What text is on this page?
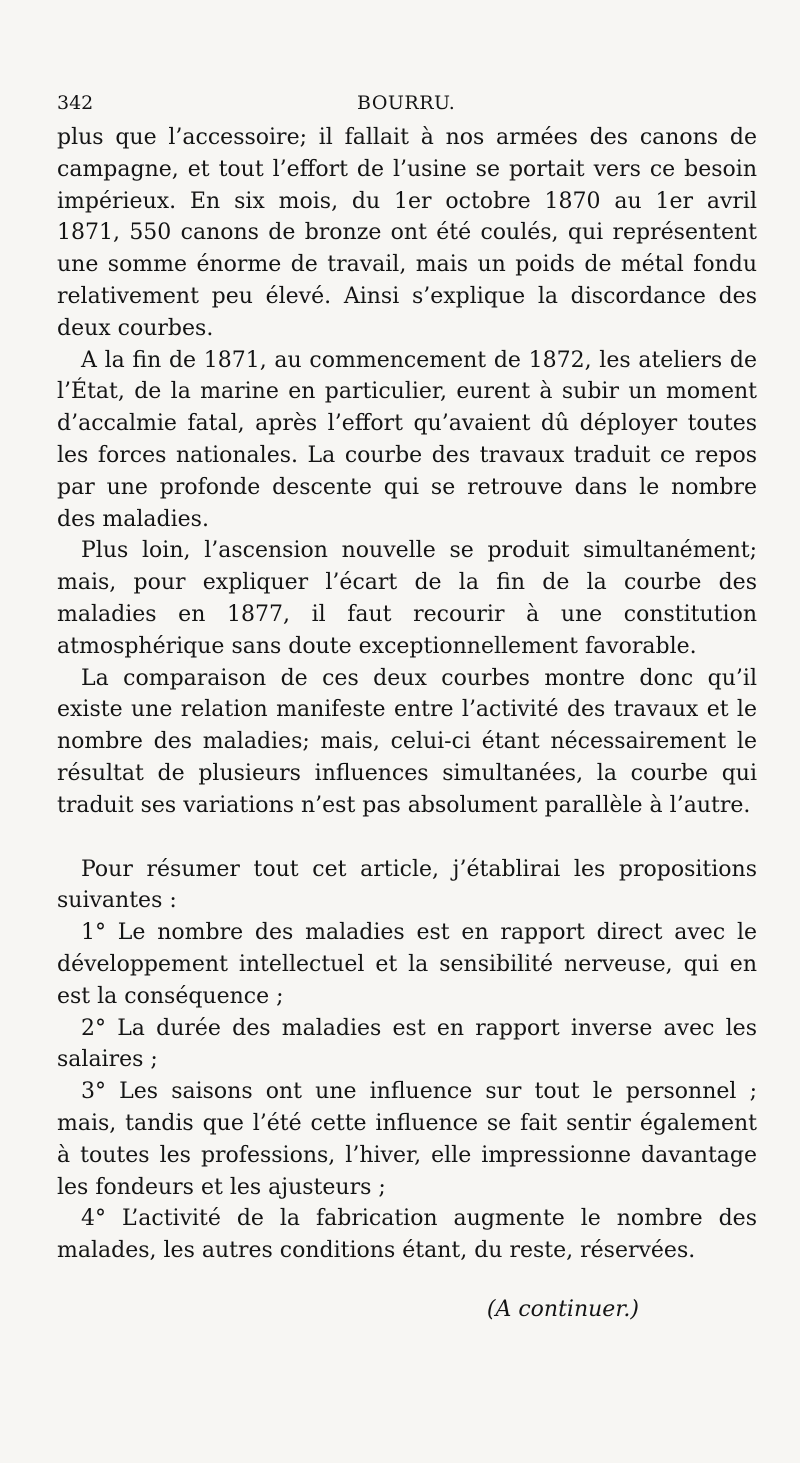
342	BOURRU.

plus que l’accessoire; il fallait à nos armées des canons de campagne, et tout l’effort de l’usine se portait vers ce besoin impérieux. En six mois, du 1er octobre 1870 au 1er avril 1871, 550 canons de bronze ont été coulés, qui représentent une somme énorme de travail, mais un poids de métal fondu relativement peu élevé. Ainsi s’explique la discordance des deux courbes.

A la fin de 1871, au commencement de 1872, les ateliers de l’État, de la marine en particulier, eurent à subir un moment d’accalmie fatal, après l’effort qu’avaient dû déployer toutes les forces nationales. La courbe des travaux traduit ce repos par une profonde descente qui se retrouve dans le nombre des maladies.

Plus loin, l’ascension nouvelle se produit simultanément; mais, pour expliquer l’écart de la fin de la courbe des maladies en 1877, il faut recourir à une constitution atmosphérique sans doute exceptionnellement favorable.

La comparaison de ces deux courbes montre donc qu’il existe une relation manifeste entre l’activité des travaux et le nombre des maladies; mais, celui-ci étant nécessairement le résultat de plusieurs influences simultanées, la courbe qui traduit ses variations n’est pas absolument parallèle à l’autre.

Pour résumer tout cet article, j’établirai les propositions suivantes :

1° Le nombre des maladies est en rapport direct avec le développement intellectuel et la sensibilité nerveuse, qui en est la conséquence ;

2° La durée des maladies est en rapport inverse avec les salaires ;

3° Les saisons ont une influence sur tout le personnel ; mais, tandis que l’été cette influence se fait sentir également à toutes les professions, l’hiver, elle impressionne davantage les fondeurs et les ajusteurs ;

4° L’activité de la fabrication augmente le nombre des malades, les autres conditions étant, du reste, réservées.

(A continuer.)
